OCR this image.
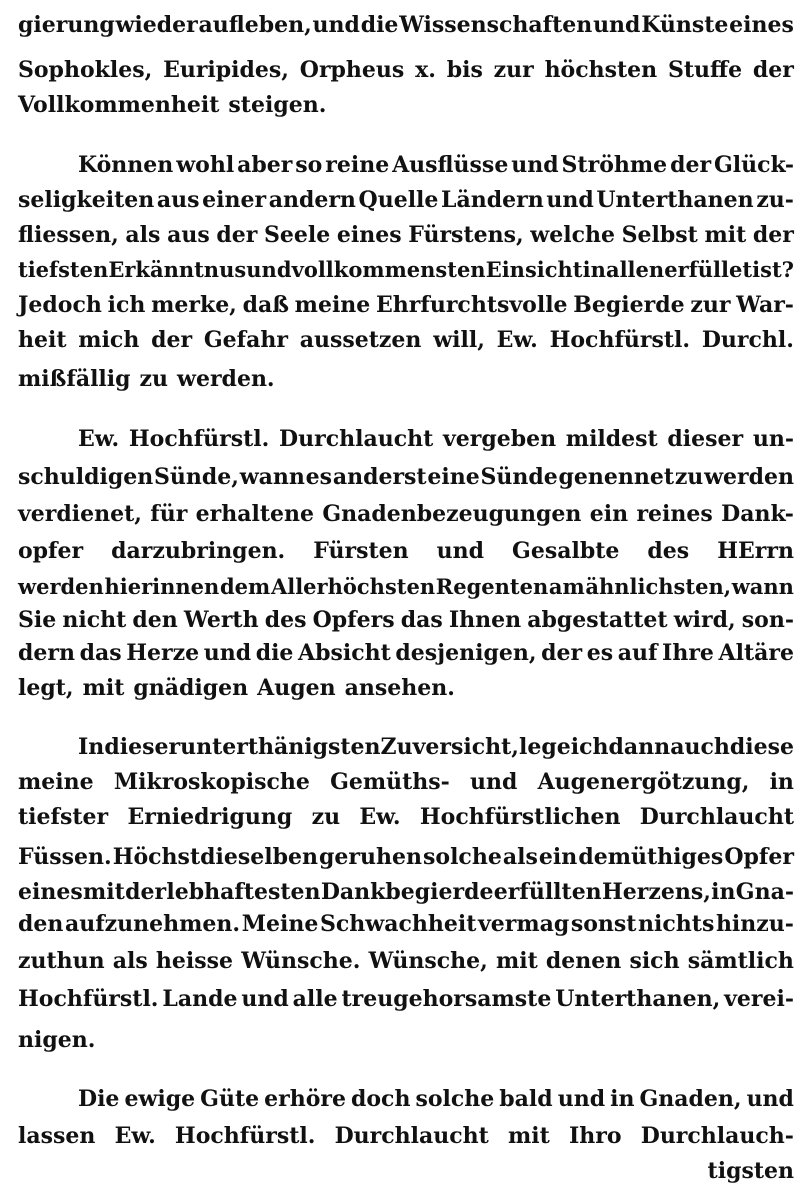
gierung wieder aufleben, und die Wissenschaften und Künste eines
Sophokles, Euripides, Orpheus x. bis zur höchsten Stuffe der
Vollkommenheit steigen.
Können wohl aber so reine Ausflüsse und Ströhme der Glück-
seligkeiten aus einer andern Quelle Ländern und Unterthanen zu-
fliessen, als aus der Seele eines Fürstens, welche Selbst mit der
tiefsten Erkänntnus und vollkommensten Einsicht in allen erfüllet ist?
Jedoch ich merke, daß meine Ehrfurchtsvolle Begierde zur War-
heit mich der Gefahr aussetzen will, Ew. Hochfürstl. Durchl.
mißfällig zu werden.
Ew. Hochfürstl. Durchlaucht vergeben mildest dieser un-
schuldigen Sünde, wann es anderst eine Sünde genennet zu werden
verdienet, für erhaltene Gnadenbezeugungen ein reines Dank-
opfer darzubringen. Fürsten und Gesalbte des HErrn
werden hierinnen dem Allerhöchsten Regenten am ähnlichsten, wann
Sie nicht den Werth des Opfers das Ihnen abgestattet wird, son-
dern das Herze und die Absicht desjenigen, der es auf Ihre Altäre
legt, mit gnädigen Augen ansehen.
In dieser unterthänigsten Zuversicht, lege ich dann auch diese
meine Mikroskopische Gemüths- und Augenergötzung, in
tiefster Erniedrigung zu Ew. Hochfürstlichen Durchlaucht
Füssen. Höchstdieselben geruhen solche als ein demüthiges Opfer
eines mit der lebhaftesten Dankbegierde erfüllten Herzens, in Gna-
den aufzunehmen. Meine Schwachheit vermag sonst nichts hinzu-
zuthun als heisse Wünsche. Wünsche, mit denen sich sämtlich
Hochfürstl. Lande und alle treugehorsamste Unterthanen, verei-
nigen.
Die ewige Güte erhöre doch solche bald und in Gnaden, und
lassen Ew. Hochfürstl. Durchlaucht mit Ihro Durchlauch-
tigsten
